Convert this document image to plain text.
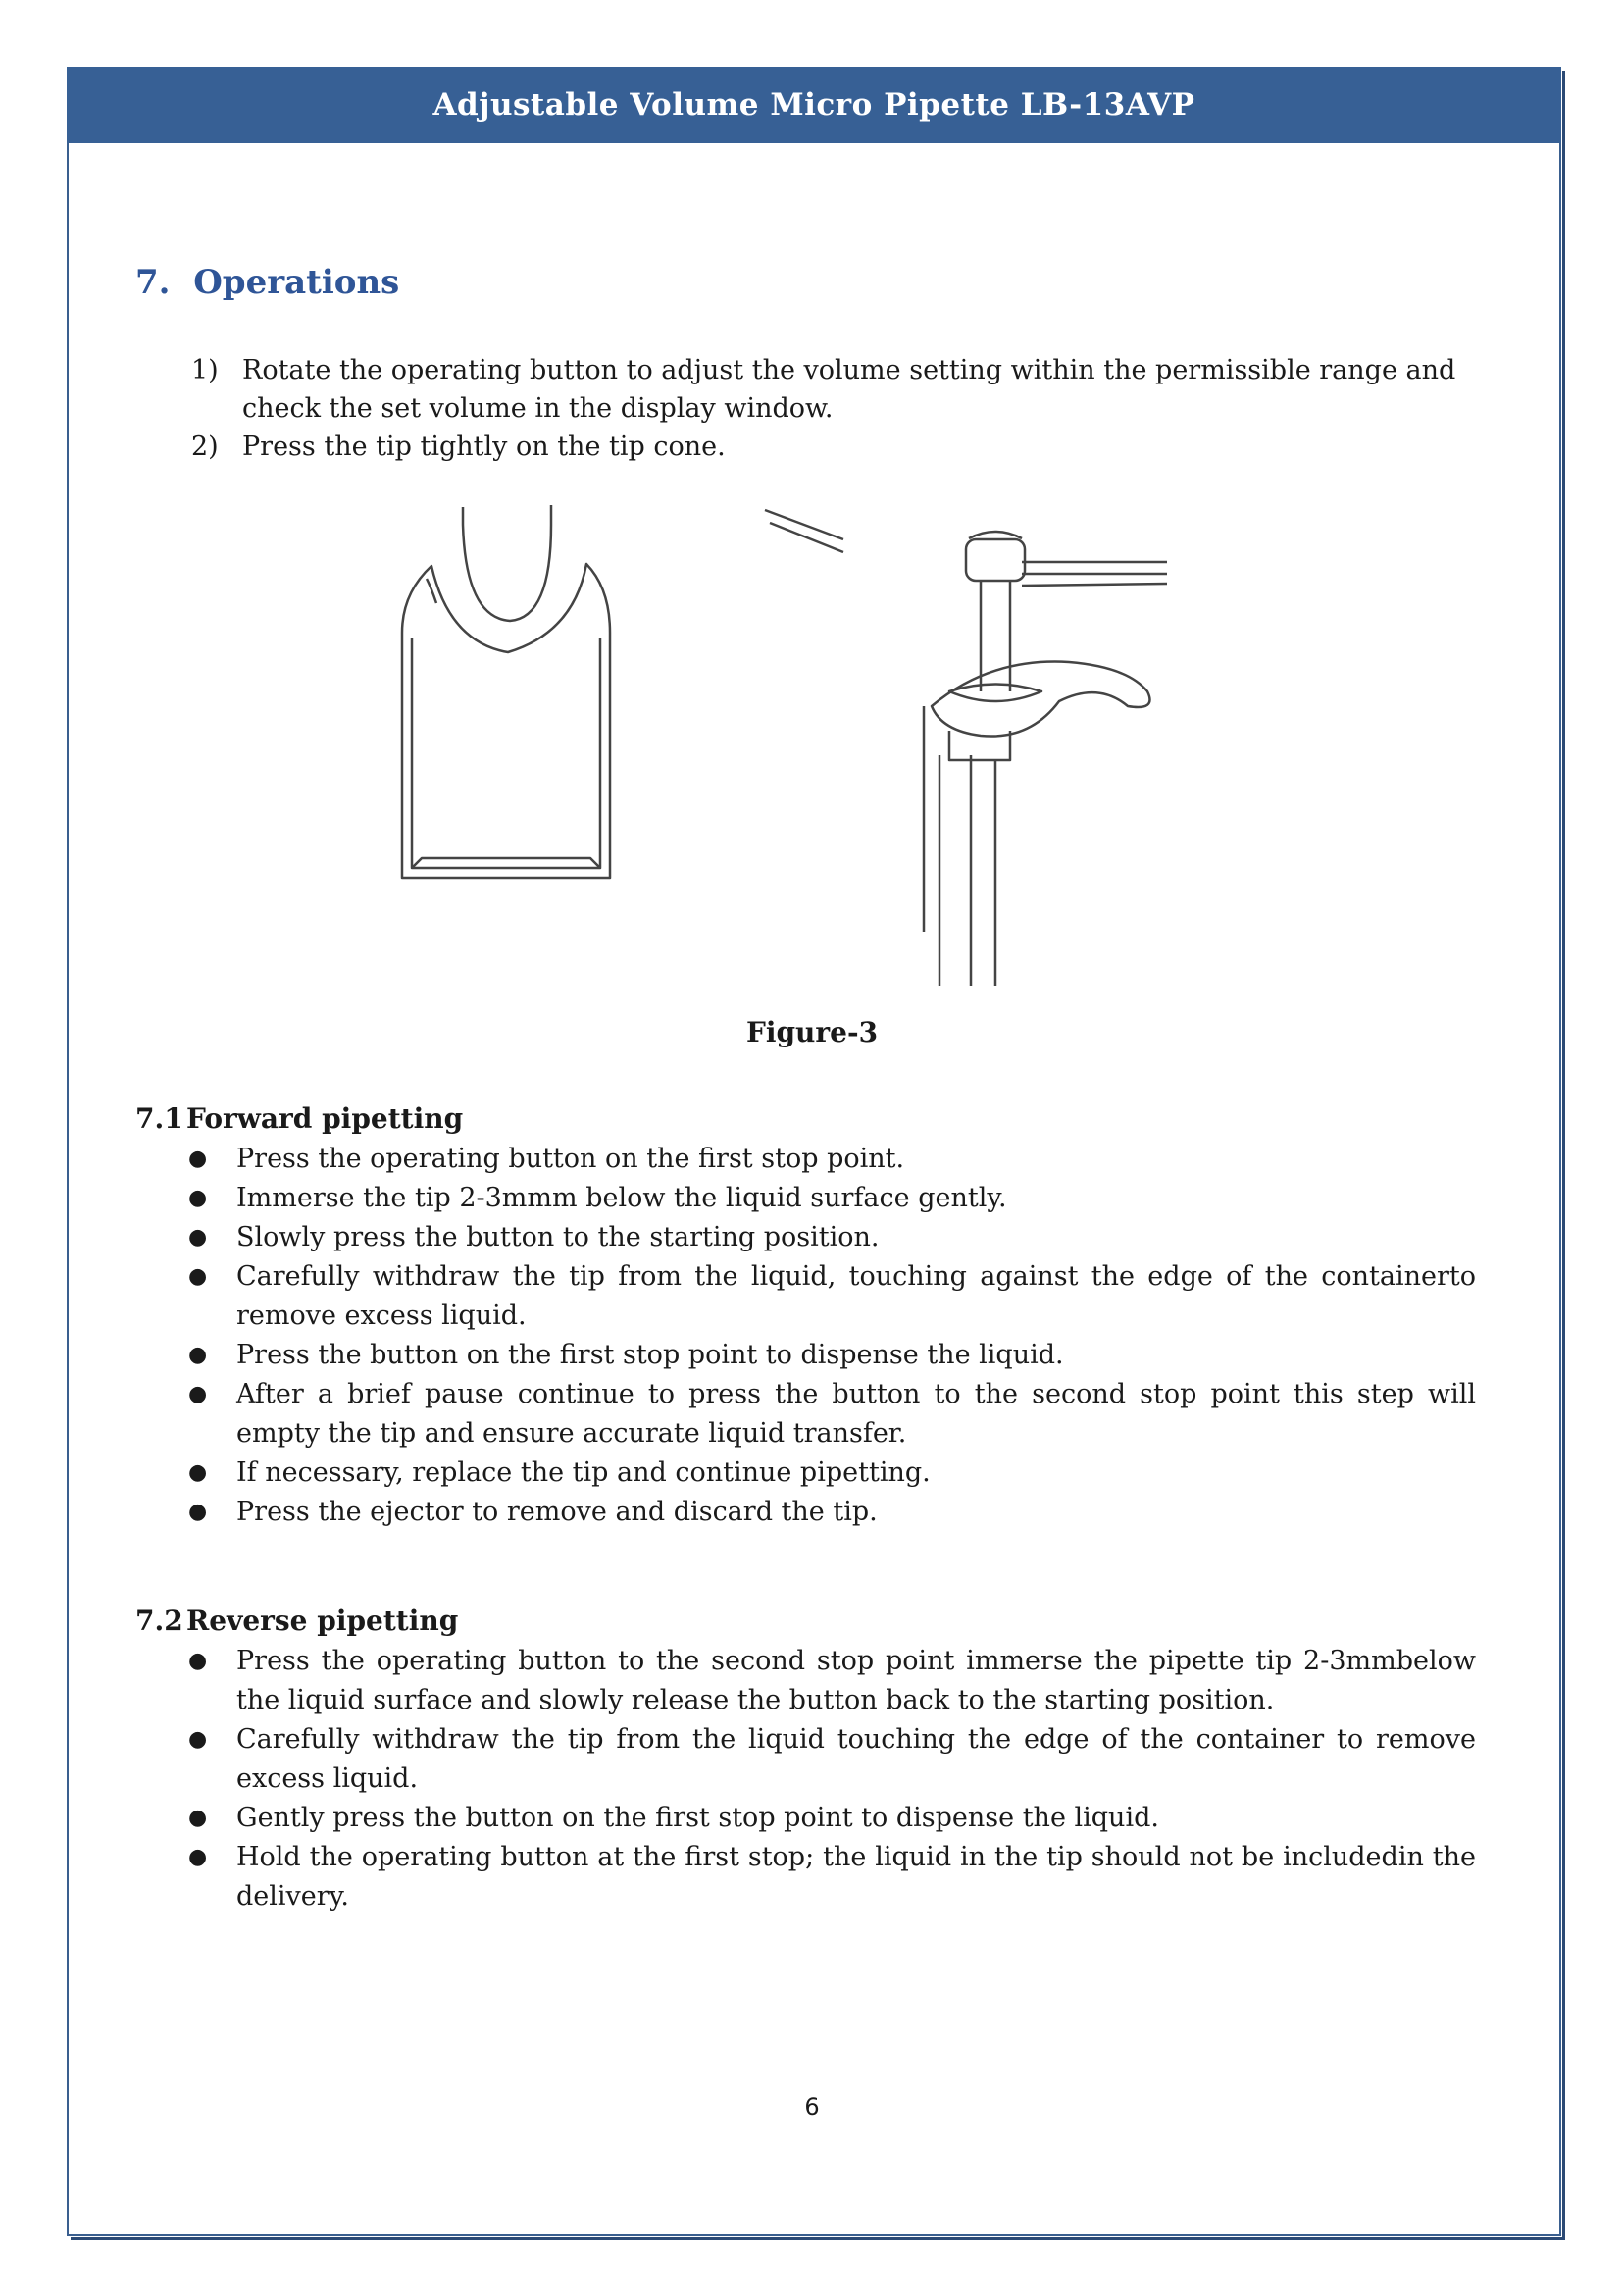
Adjustable Volume Micro Pipette LB-13AVP
7. Operations
1) Rotate the operating button to adjust the volume setting within the permissible range and check the set volume in the display window.
2) Press the tip tightly on the tip cone.
Figure-3
7.1 Forward pipetting
●	Press the operating button on the first stop point.
●	Immerse the tip 2-3mmm below the liquid surface gently.
●	Slowly press the button to the starting position.
●	Carefully withdraw the tip from the liquid, touching against the edge of the containerto remove excess liquid.
●	Press the button on the first stop point to dispense the liquid.
●	After a brief pause continue to press the button to the second stop point this step will empty the tip and ensure accurate liquid transfer.
●	If necessary, replace the tip and continue pipetting.
●	Press the ejector to remove and discard the tip.
7.2 Reverse pipetting
●	Press the operating button to the second stop point immerse the pipette tip 2-3mmbelow the liquid surface and slowly release the button back to the starting position.
●	Carefully withdraw the tip from the liquid touching the edge of the container to remove excess liquid.
●	Gently press the button on the first stop point to dispense the liquid.
●	Hold the operating button at the first stop; the liquid in the tip should not be includedin the delivery.
6
